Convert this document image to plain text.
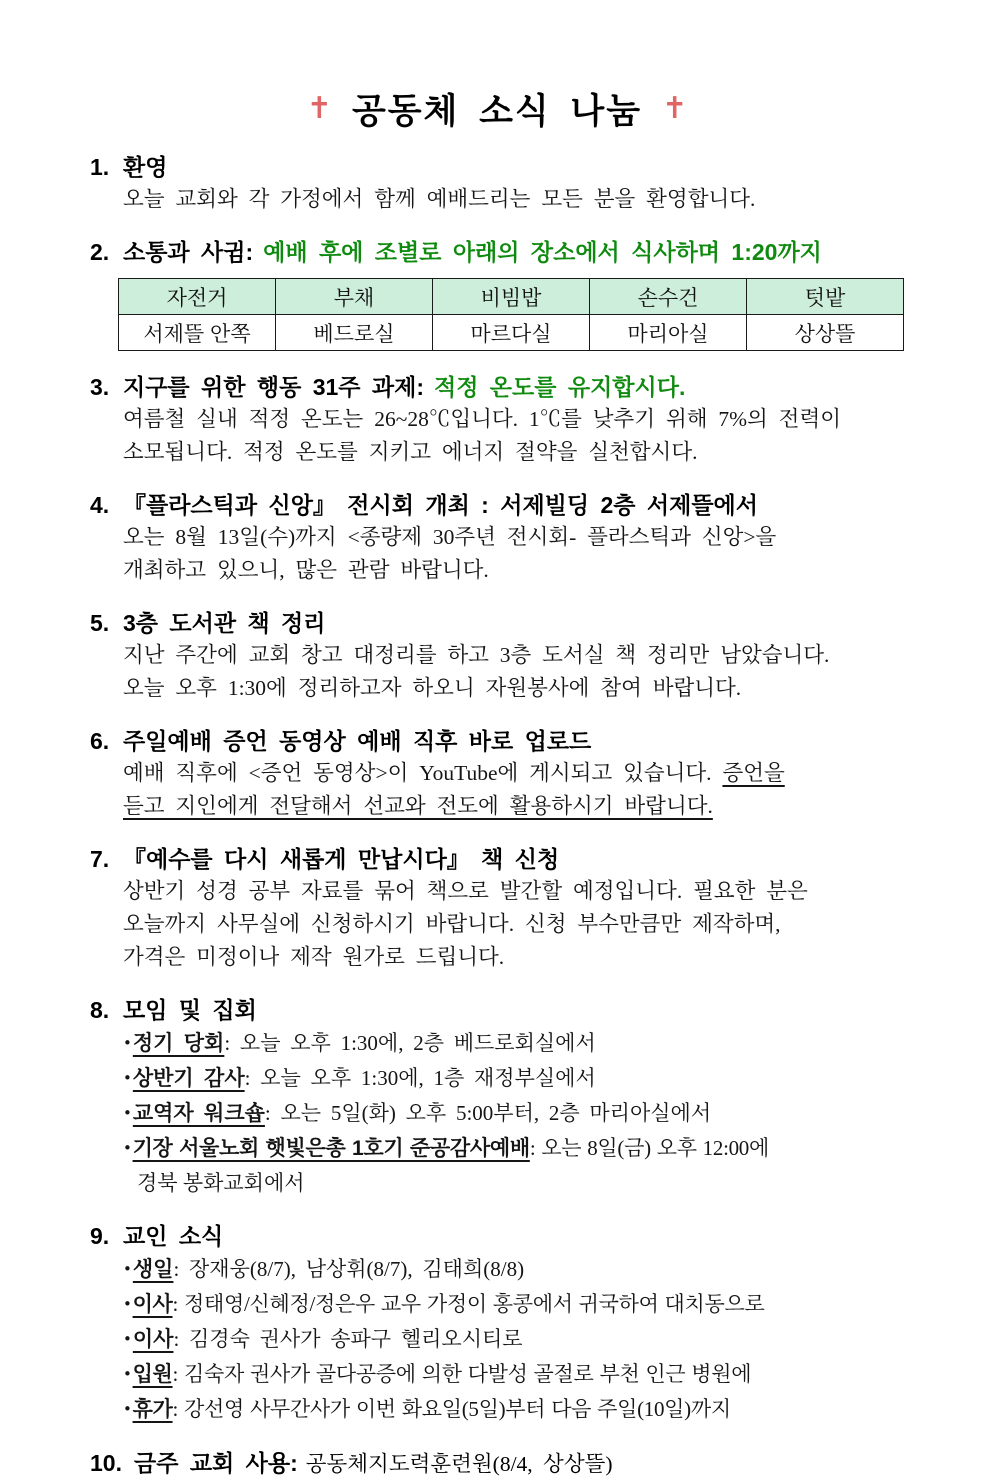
✝ 공동체 소식 나눔 ✝
1. 환영
오늘 교회와 각 가정에서 함께 예배드리는 모든 분을 환영합니다.
2. 소통과 사귐: 예배 후에 조별로 아래의 장소에서 식사하며 1:20까지
자전거	부채	비빔밥	손수건	텃밭
서제뜰 안쪽	베드로실	마르다실	마리아실	상상뜰
3. 지구를 위한 행동 31주 과제: 적정 온도를 유지합시다.
여름철 실내 적정 온도는 26~28℃입니다. 1℃를 낮추기 위해 7%의 전력이
소모됩니다. 적정 온도를 지키고 에너지 절약을 실천합시다.
4. 『플라스틱과 신앙』 전시회 개최 : 서제빌딩 2층 서제뜰에서
오는 8월 13일(수)까지 <종량제 30주년 전시회- 플라스틱과 신앙>을
개최하고 있으니, 많은 관람 바랍니다.
5. 3층 도서관 책 정리
지난 주간에 교회 창고 대정리를 하고 3층 도서실 책 정리만 남았습니다.
오늘 오후 1:30에 정리하고자 하오니 자원봉사에 참여 바랍니다.
6. 주일예배 증언 동영상 예배 직후 바로 업로드
예배 직후에 <증언 동영상>이 YouTube에 게시되고 있습니다. 증언을
듣고 지인에게 전달해서 선교와 전도에 활용하시기 바랍니다.
7. 『예수를 다시 새롭게 만납시다』 책 신청
상반기 성경 공부 자료를 묶어 책으로 발간할 예정입니다. 필요한 분은
오늘까지 사무실에 신청하시기 바랍니다. 신청 부수만큼만 제작하며,
가격은 미정이나 제작 원가로 드립니다.
8. 모임 및 집회
•정기 당회: 오늘 오후 1:30에, 2층 베드로회실에서
•상반기 감사: 오늘 오후 1:30에, 1층 재정부실에서
•교역자 워크숍: 오는 5일(화) 오후 5:00부터, 2층 마리아실에서
•기장 서울노회 햇빛은총 1호기 준공감사예배: 오는 8일(금) 오후 12:00에
경북 봉화교회에서
9. 교인 소식
•생일: 장재웅(8/7), 남상휘(8/7), 김태희(8/8)
•이사: 정태영/신혜정/정은우 교우 가정이 홍콩에서 귀국하여 대치동으로
•이사: 김경숙 권사가 송파구 헬리오시티로
•입원: 김숙자 권사가 골다공증에 의한 다발성 골절로 부천 인근 병원에
•휴가: 강선영 사무간사가 이번 화요일(5일)부터 다음 주일(10일)까지
10. 금주 교회 사용: 공동체지도력훈련원(8/4, 상상뜰)
